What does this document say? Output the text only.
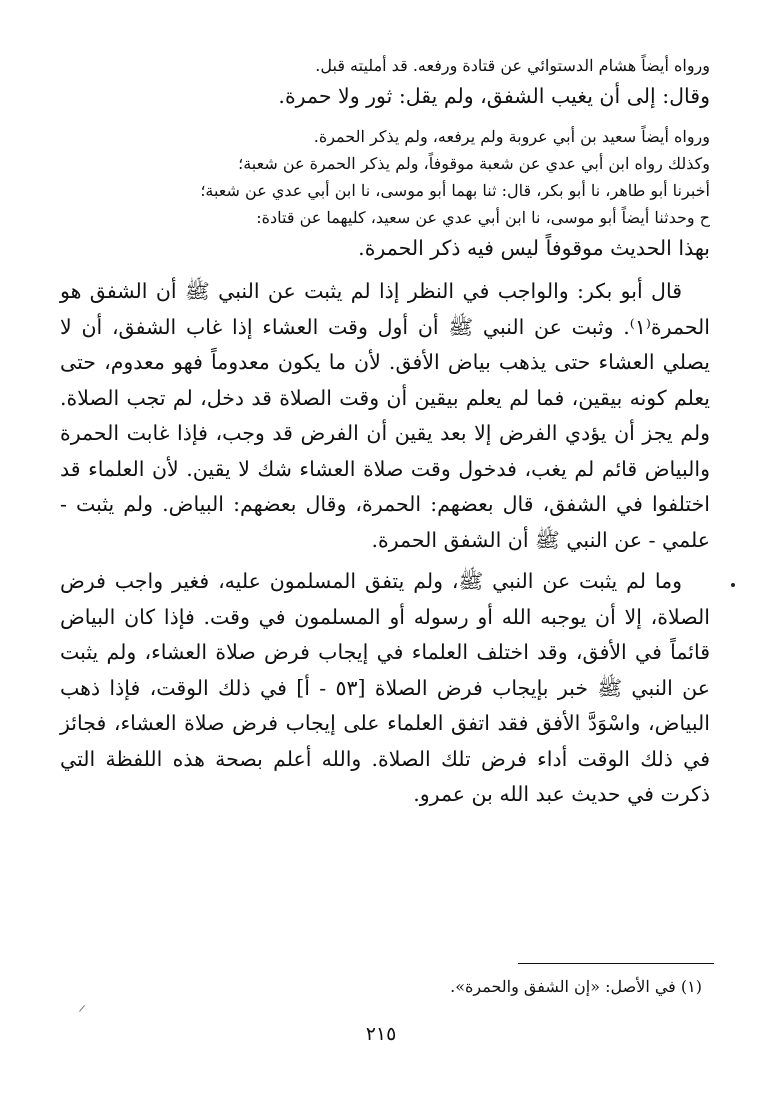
ورواه أيضاً هشام الدستوائي عن قتادة ورفعه. قد أمليته قبل.
وقال: إلى أن يغيب الشفق، ولم يقل: ثور ولا حمرة.
ورواه أيضاً سعيد بن أبي عروبة ولم يرفعه، ولم يذكر الحمرة.
وكذلك رواه ابن أبي عدي عن شعبة موقوفاً، ولم يذكر الحمرة عن شعبة؛
أخبرنا أبو طاهر، نا أبو بكر، قال: ثنا بهما أبو موسى، نا ابن أبي عدي عن شعبة؛
ح وحدثنا أيضاً أبو موسى، نا ابن أبي عدي عن سعيد، كليهما عن قتادة:
بهذا الحديث موقوفاً ليس فيه ذكر الحمرة.

قال أبو بكر: والواجب في النظر إذا لم يثبت عن النبي ﷺ أن الشفق هو الحمرة⁽١⁾. وثبت عن النبي ﷺ أن أول وقت العشاء إذا غاب الشفق، أن لا يصلي العشاء حتى يذهب بياض الأفق. لأن ما يكون معدوماً فهو معدوم، حتى يعلم كونه بيقين، فما لم يعلم بيقين أن وقت الصلاة قد دخل، لم تجب الصلاة. ولم يجز أن يؤدي الفرض إلا بعد يقين أن الفرض قد وجب، فإذا غابت الحمرة والبياض قائم لم يغب، فدخول وقت صلاة العشاء شك لا يقين. لأن العلماء قد اختلفوا في الشفق، قال بعضهم: الحمرة، وقال بعضهم: البياض. ولم يثبت - علمي - عن النبي ﷺ أن الشفق الحمرة.

وما لم يثبت عن النبي ﷺ، ولم يتفق المسلمون عليه، فغير واجب فرض الصلاة، إلا أن يوجبه الله أو رسوله أو المسلمون في وقت. فإذا كان البياض قائماً في الأفق، وقد اختلف العلماء في إيجاب فرض صلاة العشاء، ولم يثبت عن النبي ﷺ خبر بإيجاب فرض الصلاة [٥٣ - أ] في ذلك الوقت، فإذا ذهب البياض، واسْوَدَّ الأفق فقد اتفق العلماء على إيجاب فرض صلاة العشاء، فجائز في ذلك الوقت أداء فرض تلك الصلاة. والله أعلم بصحة هذه اللفظة التي ذكرت في حديث عبد الله بن عمرو.

(١) في الأصل: «إن الشفق والحمرة».
٢١٥
